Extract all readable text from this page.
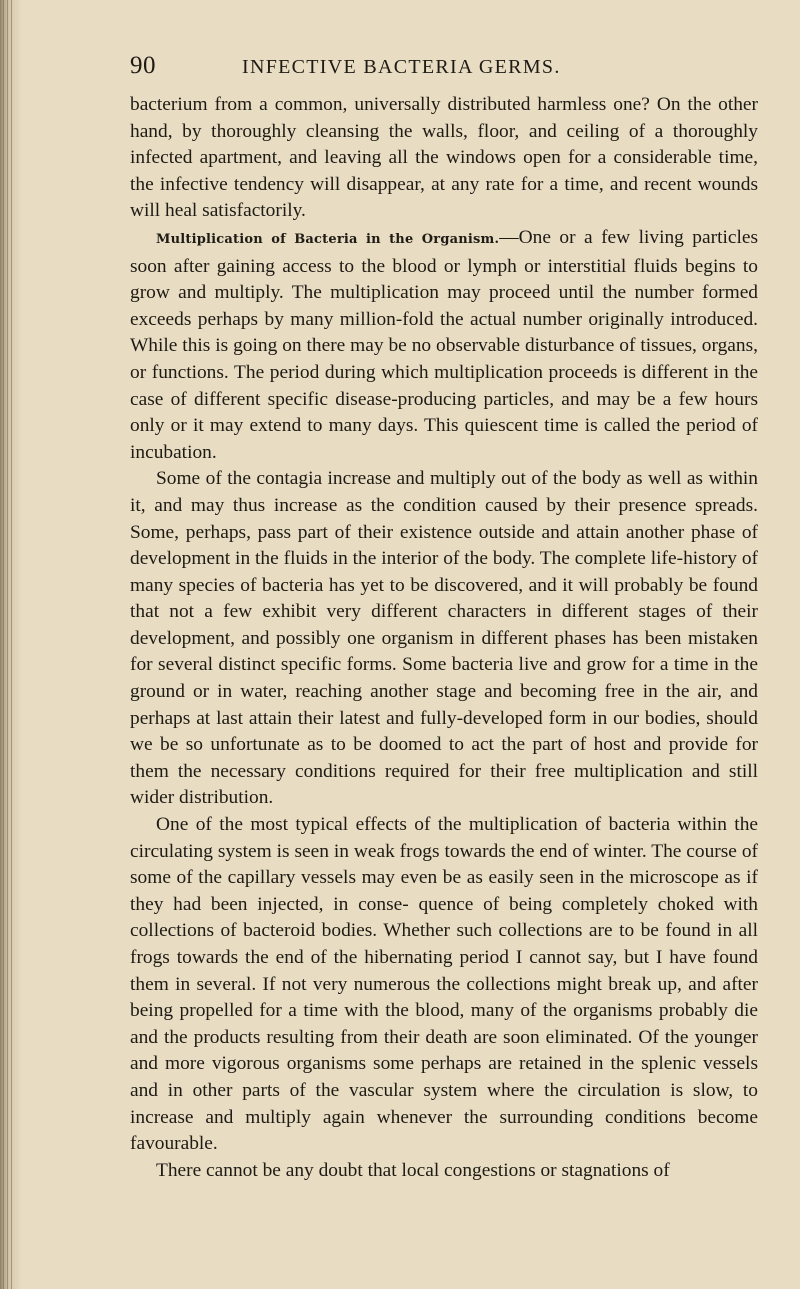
90	INFECTIVE BACTERIA GERMS.

bacterium from a common, universally distributed harmless one? On the other hand, by thoroughly cleansing the walls, floor, and ceiling of a thoroughly infected apartment, and leaving all the windows open for a considerable time, the infective tendency will disappear, at any rate for a time, and recent wounds will heal satisfactorily.

Multiplication of Bacteria in the Organism.—One or a few living particles soon after gaining access to the blood or lymph or interstitial fluids begins to grow and multiply. The multiplication may proceed until the number formed exceeds perhaps by many million-fold the actual number originally introduced. While this is going on there may be no observable disturbance of tissues, organs, or functions. The period during which multiplication proceeds is different in the case of different specific disease-producing particles, and may be a few hours only or it may extend to many days. This quiescent time is called the period of incubation.

Some of the contagia increase and multiply out of the body as well as within it, and may thus increase as the condition caused by their presence spreads. Some, perhaps, pass part of their existence outside and attain another phase of development in the fluids in the interior of the body. The complete life-history of many species of bacteria has yet to be discovered, and it will probably be found that not a few exhibit very different characters in different stages of their development, and possibly one organism in different phases has been mistaken for several distinct specific forms. Some bacteria live and grow for a time in the ground or in water, reaching another stage and becoming free in the air, and perhaps at last attain their latest and fully-developed form in our bodies, should we be so unfortunate as to be doomed to act the part of host and provide for them the necessary conditions required for their free multiplication and still wider distribution.

One of the most typical effects of the multiplication of bacteria within the circulating system is seen in weak frogs towards the end of winter. The course of some of the capillary vessels may even be as easily seen in the microscope as if they had been injected, in conse- quence of being completely choked with collections of bacteroid bodies. Whether such collections are to be found in all frogs towards the end of the hibernating period I cannot say, but I have found them in several. If not very numerous the collections might break up, and after being propelled for a time with the blood, many of the organisms probably die and the products resulting from their death are soon eliminated. Of the younger and more vigorous organisms some perhaps are retained in the splenic vessels and in other parts of the vascular system where the circulation is slow, to increase and multiply again whenever the surrounding conditions become favourable.

There cannot be any doubt that local congestions or stagnations of
